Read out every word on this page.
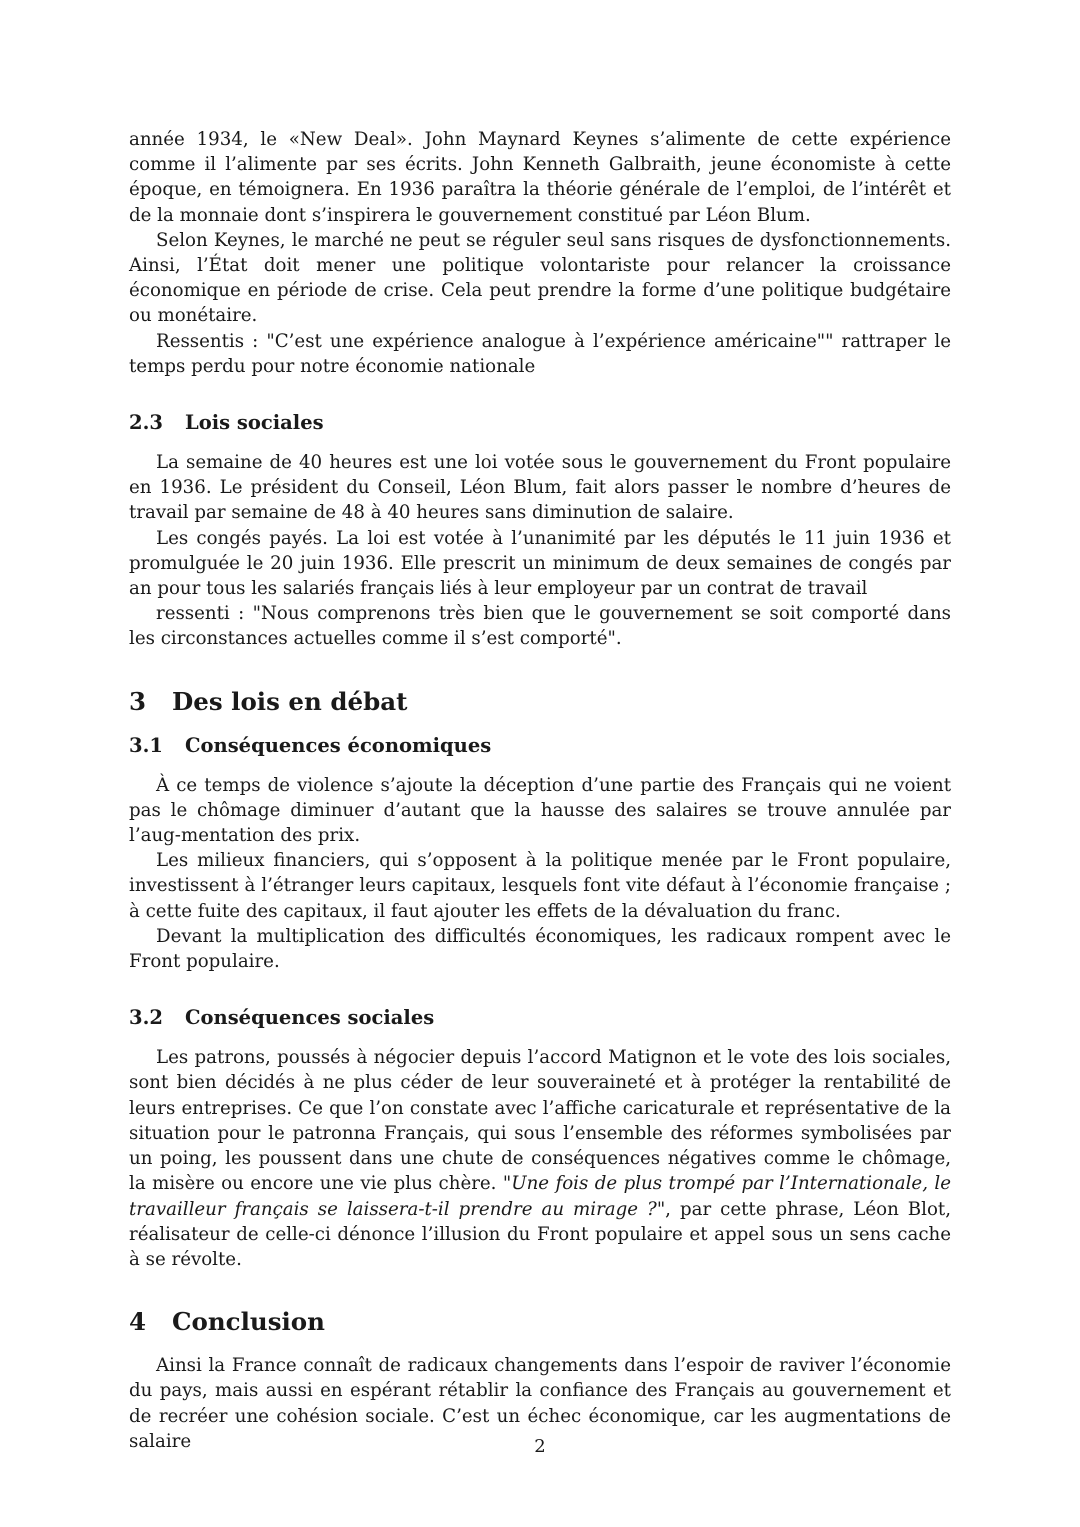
année 1934, le «New Deal». John Maynard Keynes s’alimente de cette expérience comme il l’alimente par ses écrits. John Kenneth Galbraith, jeune économiste à cette époque, en témoignera. En 1936 paraîtra la théorie générale de l’emploi, de l’intérêt et de la monnaie dont s’inspirera le gouvernement constitué par Léon Blum.

Selon Keynes, le marché ne peut se réguler seul sans risques de dysfonctionnements. Ainsi, l’État doit mener une politique volontariste pour relancer la croissance économique en période de crise. Cela peut prendre la forme d’une politique budgétaire ou monétaire.

Ressentis : "C’est une expérience analogue à l’expérience américaine"" rattraper le temps perdu pour notre économie nationale

2.3 Lois sociales

La semaine de 40 heures est une loi votée sous le gouvernement du Front populaire en 1936. Le président du Conseil, Léon Blum, fait alors passer le nombre d’heures de travail par semaine de 48 à 40 heures sans diminution de salaire.

Les congés payés. La loi est votée à l’unanimité par les députés le 11 juin 1936 et promulguée le 20 juin 1936. Elle prescrit un minimum de deux semaines de congés par an pour tous les salariés français liés à leur employeur par un contrat de travail

ressenti : "Nous comprenons très bien que le gouvernement se soit comporté dans les circonstances actuelles comme il s’est comporté".

3 Des lois en débat
3.1 Conséquences économiques

À ce temps de violence s’ajoute la déception d’une partie des Français qui ne voient pas le chômage diminuer d’autant que la hausse des salaires se trouve annulée par l’aug-mentation des prix.

Les milieux financiers, qui s’opposent à la politique menée par le Front populaire, investissent à l’étranger leurs capitaux, lesquels font vite défaut à l’économie française ; à cette fuite des capitaux, il faut ajouter les effets de la dévaluation du franc.

Devant la multiplication des difficultés économiques, les radicaux rompent avec le Front populaire.

3.2 Conséquences sociales

Les patrons, poussés à négocier depuis l’accord Matignon et le vote des lois sociales, sont bien décidés à ne plus céder de leur souveraineté et à protéger la rentabilité de leurs entreprises. Ce que l’on constate avec l’affiche caricaturale et représentative de la situation pour le patronna Français, qui sous l’ensemble des réformes symbolisées par un poing, les poussent dans une chute de conséquences négatives comme le chômage, la misère ou encore une vie plus chère. "Une fois de plus trompé par l’Internationale, le travailleur français se laissera-t-il prendre au mirage ?", par cette phrase, Léon Blot, réalisateur de celle-ci dénonce l’illusion du Front populaire et appel sous un sens cache à se révolte.

4 Conclusion

Ainsi la France connaît de radicaux changements dans l’espoir de raviver l’économie du pays, mais aussi en espérant rétablir la confiance des Français au gouvernement et de recréer une cohésion sociale. C’est un échec économique, car les augmentations de salaire	2
